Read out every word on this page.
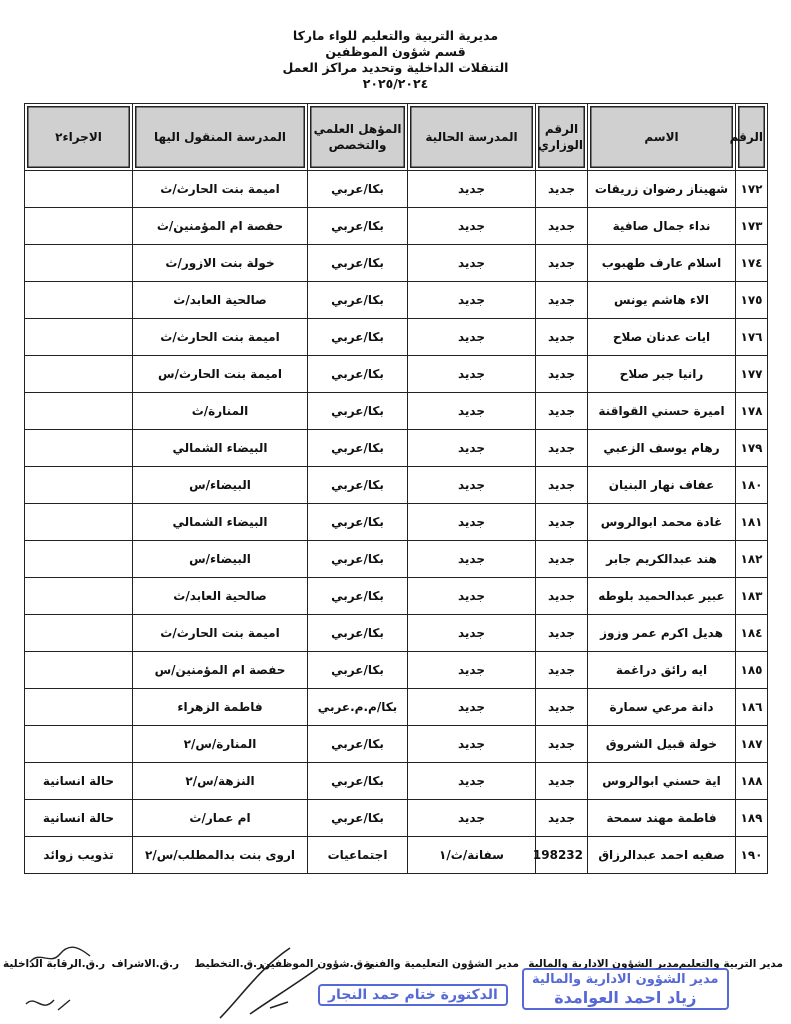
مديرية التربية والتعليم للواء ماركا
قسم شؤون الموظفين
التنقلات الداخلية وتحديد مراكز العمل
٢٠٢٥/٢٠٢٤
الرقم	الاسم	الرقم الوزاري	المدرسة الحالية	المؤهل العلمي والتخصص	المدرسة المنقول اليها	الاجراء٢
١٧٢	شهيناز رضوان زريقات	جديد	جديد	بكا/عربي	اميمة بنت الحارث/ث	
١٧٣	نداء جمال صافية	جديد	جديد	بكا/عربي	حفصة ام المؤمنين/ث	
١٧٤	اسلام عارف طهبوب	جديد	جديد	بكا/عربي	خولة بنت الازور/ث	
١٧٥	الاء هاشم يونس	جديد	جديد	بكا/عربي	صالحية العابد/ث	
١٧٦	ايات عدنان صلاح	جديد	جديد	بكا/عربي	اميمة بنت الحارث/ث	
١٧٧	رانيا جبر صلاح	جديد	جديد	بكا/عربي	اميمة بنت الحارث/س	
١٧٨	اميرة حسني القواقنة	جديد	جديد	بكا/عربي	المنارة/ث	
١٧٩	رهام يوسف الزعبي	جديد	جديد	بكا/عربي	البيضاء الشمالي	
١٨٠	عفاف نهار البنيان	جديد	جديد	بكا/عربي	البيضاء/س	
١٨١	غادة محمد ابوالروس	جديد	جديد	بكا/عربي	البيضاء الشمالي	
١٨٢	هند عبدالكريم جابر	جديد	جديد	بكا/عربي	البيضاء/س	
١٨٣	عبير عبدالحميد بلوطه	جديد	جديد	بكا/عربي	صالحية العابد/ث	
١٨٤	هديل اكرم عمر وزوز	جديد	جديد	بكا/عربي	اميمة بنت الحارث/ث	
١٨٥	ايه رائق دراغمة	جديد	جديد	بكا/عربي	حفصة ام المؤمنين/س	
١٨٦	دانة مرعي سمارة	جديد	جديد	بكا/م.م.عربي	فاطمة الزهراء	
١٨٧	خولة قبيل الشروق	جديد	جديد	بكا/عربي	المنارة/س/٢	
١٨٨	اية حسني ابوالروس	جديد	جديد	بكا/عربي	النزهة/س/٢	حالة انسانية
١٨٩	فاطمة مهند سمحة	جديد	جديد	بكا/عربي	ام عمار/ث	حالة انسانية
١٩٠	صفيه احمد عبدالرزاق	198232	سفانة/ث/١	اجتماعيات	اروى بنت بدالمطلب/س/٢	تذويب زوائد
مدير التربية والتعليم
مدير الشؤون الادارية والمالية
مدير الشؤون التعليمية والفنية
ر.ق.شؤون الموظفين
ر.ق.التخطيط
ر.ق.الاشراف
ر.ق.الرقابة الداخلية
الدكتورة ختام حمد النجار
مدير الشؤون الادارية والمالية
زياد احمد العوامدة
